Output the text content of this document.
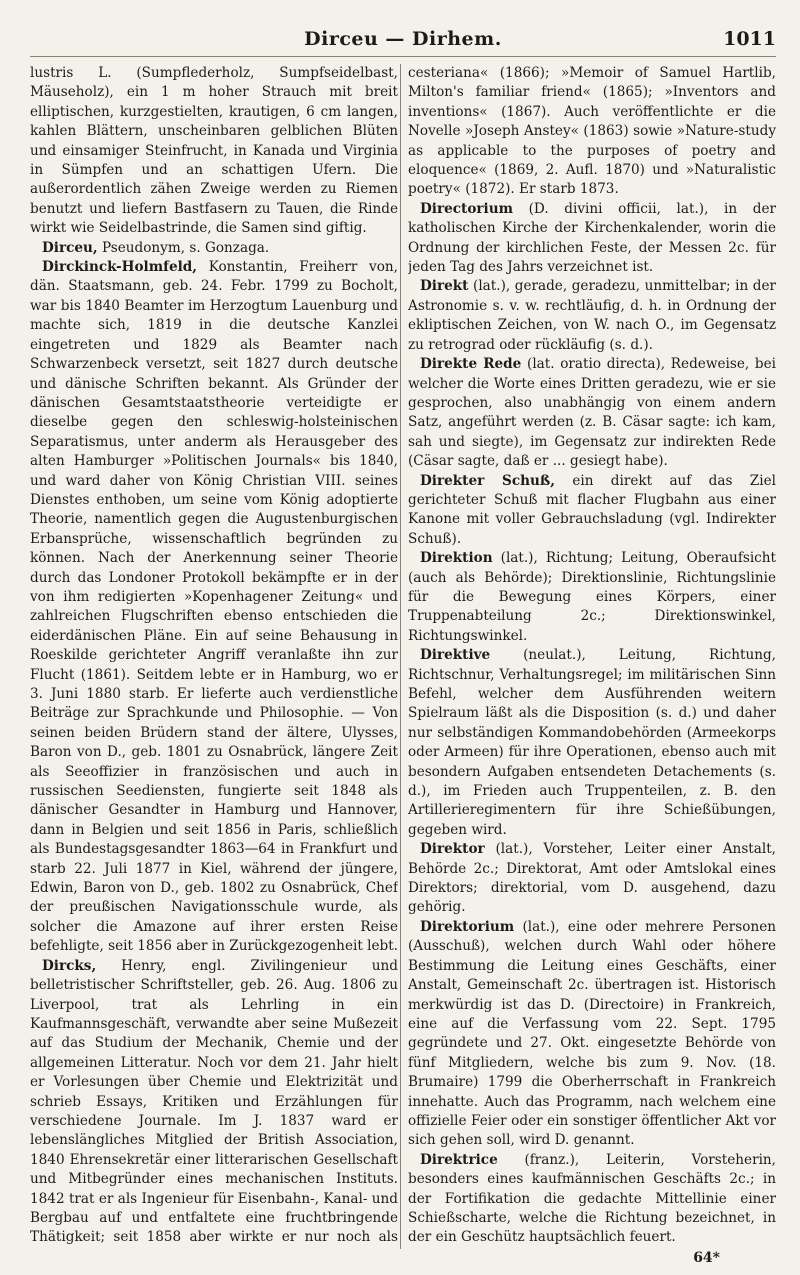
Dirceu — Dirhem.	1011

lustris L. (Sumpflederholz, Sumpfseidelbast, Mäuseholz), ein 1 m hoher Strauch mit breit elliptischen, kurzgestielten, krautigen, 6 cm langen, kahlen Blättern, unscheinbaren gelblichen Blüten und einsamiger Steinfrucht, in Kanada und Virginia in Sümpfen und an schattigen Ufern. Die außerordentlich zähen Zweige werden zu Riemen benutzt und liefern Bastfasern zu Tauen, die Rinde wirkt wie Seidelbastrinde, die Samen sind giftig.

Dirceu, Pseudonym, s. Gonzaga.

Dirckinck-Holmfeld, Konstantin, Freiherr von, dän. Staatsmann, geb. 24. Febr. 1799 zu Bocholt, war bis 1840 Beamter im Herzogtum Lauenburg und machte sich, 1819 in die deutsche Kanzlei eingetreten und 1829 als Beamter nach Schwarzenbeck versetzt, seit 1827 durch deutsche und dänische Schriften bekannt. Als Gründer der dänischen Gesamtstaatstheorie verteidigte er dieselbe gegen den schleswig-holsteinischen Separatismus, unter anderm als Herausgeber des alten Hamburger »Politischen Journals« bis 1840, und ward daher von König Christian VIII. seines Dienstes enthoben, um seine vom König adoptierte Theorie, namentlich gegen die Augustenburgischen Erbansprüche, wissenschaftlich begründen zu können. Nach der Anerkennung seiner Theorie durch das Londoner Protokoll bekämpfte er in der von ihm redigierten »Kopenhagener Zeitung« und zahlreichen Flugschriften ebenso entschieden die eiderdänischen Pläne. Ein auf seine Behausung in Roeskilde gerichteter Angriff veranlaßte ihn zur Flucht (1861). Seitdem lebte er in Hamburg, wo er 3. Juni 1880 starb. Er lieferte auch verdienstliche Beiträge zur Sprachkunde und Philosophie. — Von seinen beiden Brüdern stand der ältere, Ulysses, Baron von D., geb. 1801 zu Osnabrück, längere Zeit als Seeoffizier in französischen und auch in russischen Seediensten, fungierte seit 1848 als dänischer Gesandter in Hamburg und Hannover, dann in Belgien und seit 1856 in Paris, schließlich als Bundestagsgesandter 1863—64 in Frankfurt und starb 22. Juli 1877 in Kiel, während der jüngere, Edwin, Baron von D., geb. 1802 zu Osnabrück, Chef der preußischen Navigationsschule wurde, als solcher die Amazone auf ihrer ersten Reise befehligte, seit 1856 aber in Zurückgezogenheit lebt.

Dircks, Henry, engl. Zivilingenieur und belletristischer Schriftsteller, geb. 26. Aug. 1806 zu Liverpool, trat als Lehrling in ein Kaufmannsgeschäft, verwandte aber seine Mußezeit auf das Studium der Mechanik, Chemie und der allgemeinen Litteratur. Noch vor dem 21. Jahr hielt er Vorlesungen über Chemie und Elektrizität und schrieb Essays, Kritiken und Erzählungen für verschiedene Journale. Im J. 1837 ward er lebenslängliches Mitglied der British Association, 1840 Ehrensekretär einer litterarischen Gesellschaft und Mitbegründer eines mechanischen Instituts. 1842 trat er als Ingenieur für Eisenbahn-, Kanal- und Bergbau auf und entfaltete eine fruchtbringende Thätigkeit; seit 1858 aber wirkte er nur noch als

cesteriana« (1866); »Memoir of Samuel Hartlib, Milton's familiar friend« (1865); »Inventors and inventions« (1867). Auch veröffentlichte er die Novelle »Joseph Anstey« (1863) sowie »Nature-study as applicable to the purposes of poetry and eloquence« (1869, 2. Aufl. 1870) und »Naturalistic poetry« (1872). Er starb 1873.

Directorium (D. divini officii, lat.), in der katholischen Kirche der Kirchenkalender, worin die Ordnung der kirchlichen Feste, der Messen 2c. für jeden Tag des Jahrs verzeichnet ist.

Direkt (lat.), gerade, geradezu, unmittelbar; in der Astronomie s. v. w. rechtläufig, d. h. in Ordnung der ekliptischen Zeichen, von W. nach O., im Gegensatz zu retrograd oder rückläufig (s. d.).

Direkte Rede (lat. oratio directa), Redeweise, bei welcher die Worte eines Dritten geradezu, wie er sie gesprochen, also unabhängig von einem andern Satz, angeführt werden (z. B. Cäsar sagte: ich kam, sah und siegte), im Gegensatz zur indirekten Rede (Cäsar sagte, daß er ... gesiegt habe).

Direkter Schuß, ein direkt auf das Ziel gerichteter Schuß mit flacher Flugbahn aus einer Kanone mit voller Gebrauchsladung (vgl. Indirekter Schuß).

Direktion (lat.), Richtung; Leitung, Oberaufsicht (auch als Behörde); Direktionslinie, Richtungslinie für die Bewegung eines Körpers, einer Truppenabteilung 2c.; Direktionswinkel, Richtungswinkel.

Direktive (neulat.), Leitung, Richtung, Richtschnur, Verhaltungsregel; im militärischen Sinn Befehl, welcher dem Ausführenden weitern Spielraum läßt als die Disposition (s. d.) und daher nur selbständigen Kommandobehörden (Armeekorps oder Armeen) für ihre Operationen, ebenso auch mit besondern Aufgaben entsendeten Detachements (s. d.), im Frieden auch Truppenteilen, z. B. den Artillerieregimentern für ihre Schießübungen, gegeben wird.

Direktor (lat.), Vorsteher, Leiter einer Anstalt, Behörde 2c.; Direktorat, Amt oder Amtslokal eines Direktors; direktorial, vom D. ausgehend, dazu gehörig.

Direktorium (lat.), eine oder mehrere Personen (Ausschuß), welchen durch Wahl oder höhere Bestimmung die Leitung eines Geschäfts, einer Anstalt, Gemeinschaft 2c. übertragen ist. Historisch merkwürdig ist das D. (Directoire) in Frankreich, eine auf die Verfassung vom 22. Sept. 1795 gegründete und 27. Okt. eingesetzte Behörde von fünf Mitgliedern, welche bis zum 9. Nov. (18. Brumaire) 1799 die Oberherrschaft in Frankreich innehatte. Auch das Programm, nach welchem eine offizielle Feier oder ein sonstiger öffentlicher Akt vor sich gehen soll, wird D. genannt.

Direktrice (franz.), Leiterin, Vorsteherin, besonders eines kaufmännischen Geschäfts 2c.; in der Fortifikation die gedachte Mittellinie einer Schießscharte, welche die Richtung bezeichnet, in der ein Geschütz hauptsächlich feuert.

64*
